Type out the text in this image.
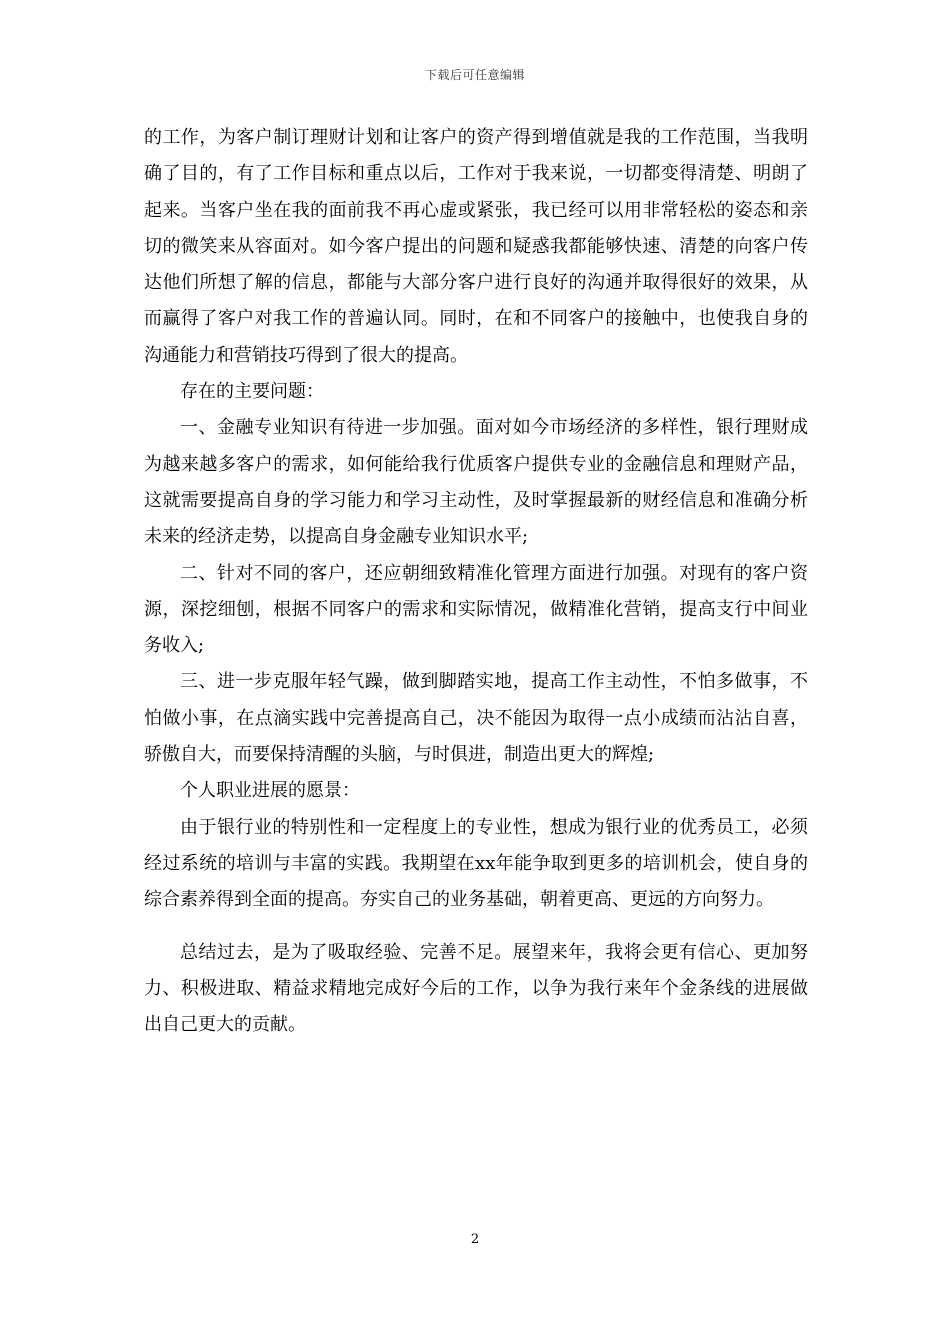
下载后可任意编辑

的工作，为客户制订理财计划和让客户的资产得到增值就是我的工作范围，当我明确了目的，有了工作目标和重点以后，工作对于我来说，一切都变得清楚、明朗了起来。当客户坐在我的面前我不再心虚或紧张，我已经可以用非常轻松的姿态和亲切的微笑来从容面对。如今客户提出的问题和疑惑我都能够快速、清楚的向客户传达他们所想了解的信息，都能与大部分客户进行良好的沟通并取得很好的效果，从而赢得了客户对我工作的普遍认同。同时，在和不同客户的接触中，也使我自身的沟通能力和营销技巧得到了很大的提高。

存在的主要问题：

一、金融专业知识有待进一步加强。面对如今市场经济的多样性，银行理财成为越来越多客户的需求，如何能给我行优质客户提供专业的金融信息和理财产品，这就需要提高自身的学习能力和学习主动性，及时掌握最新的财经信息和准确分析未来的经济走势，以提高自身金融专业知识水平;

二、针对不同的客户，还应朝细致精准化管理方面进行加强。对现有的客户资源，深挖细刨，根据不同客户的需求和实际情况，做精准化营销，提高支行中间业务收入;

三、进一步克服年轻气躁，做到脚踏实地，提高工作主动性，不怕多做事，不怕做小事，在点滴实践中完善提高自己，决不能因为取得一点小成绩而沾沾自喜，骄傲自大，而要保持清醒的头脑，与时俱进，制造出更大的辉煌;

个人职业进展的愿景：

由于银行业的特别性和一定程度上的专业性，想成为银行业的优秀员工，必须经过系统的培训与丰富的实践。我期望在xx年能争取到更多的培训机会，使自身的综合素养得到全面的提高。夯实自己的业务基础，朝着更高、更远的方向努力。

总结过去，是为了吸取经验、完善不足。展望来年，我将会更有信心、更加努力、积极进取、精益求精地完成好今后的工作，以争为我行来年个金条线的进展做出自己更大的贡献。

2
